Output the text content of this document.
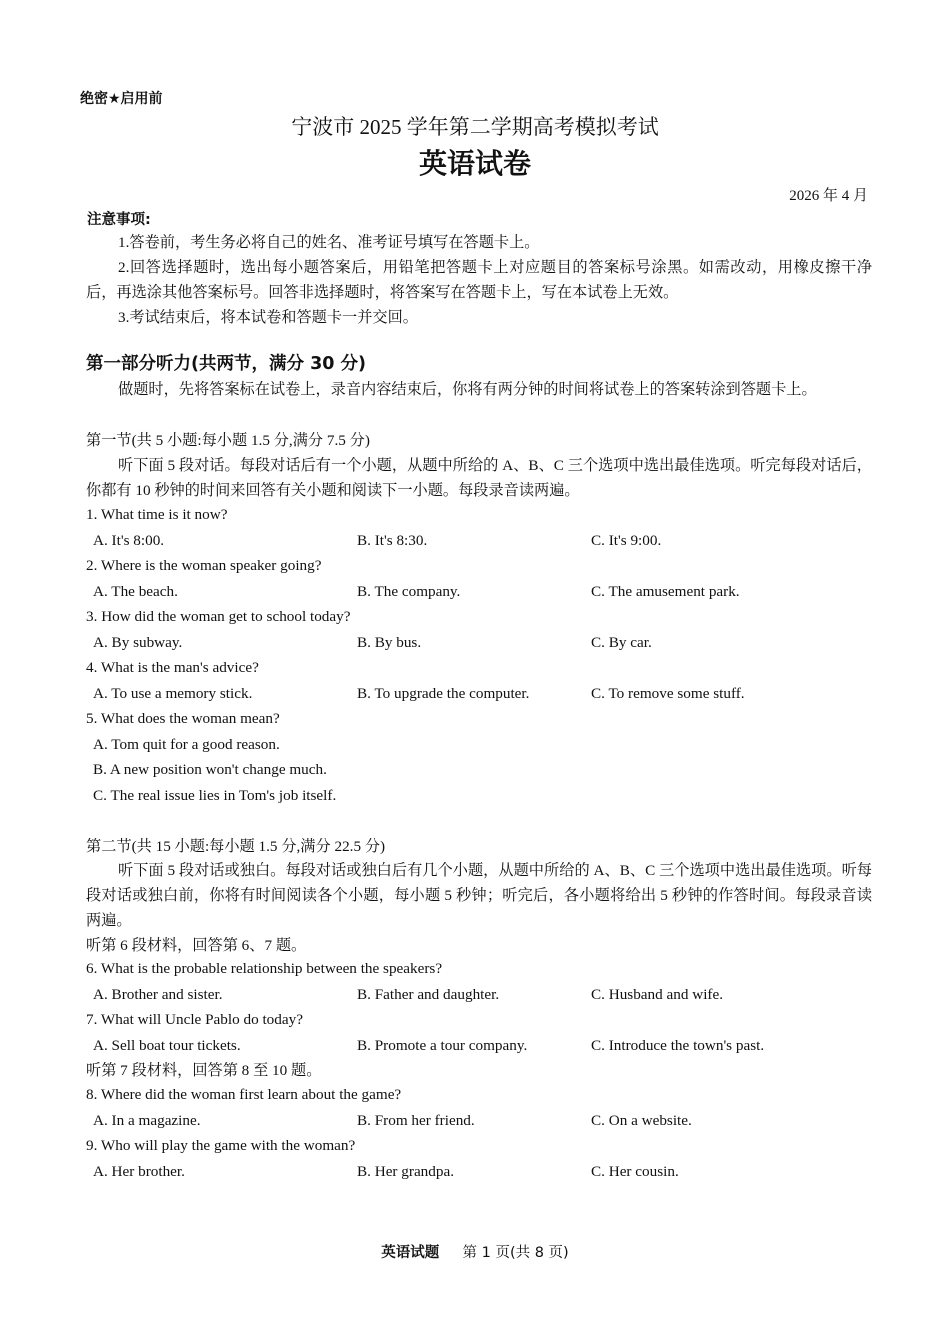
绝密★启用前
宁波市 2025 学年第二学期高考模拟考试
英语试卷
2026 年 4 月
注意事项:
1.答卷前，考生务必将自己的姓名、准考证号填写在答题卡上。
2.回答选择题时，选出每小题答案后，用铅笔把答题卡上对应题目的答案标号涂黑。如需改动，用橡皮擦干净后，再选涂其他答案标号。回答非选择题时，将答案写在答题卡上，写在本试卷上无效。
3.考试结束后，将本试卷和答题卡一并交回。
第一部分听力(共两节，满分 30 分)
做题时，先将答案标在试卷上，录音内容结束后，你将有两分钟的时间将试卷上的答案转涂到答题卡上。
第一节(共 5 小题:每小题 1.5 分,满分 7.5 分)
听下面 5 段对话。每段对话后有一个小题，从题中所给的 A、B、C 三个选项中选出最佳选项。听完每段对话后，你都有 10 秒钟的时间来回答有关小题和阅读下一小题。每段录音读两遍。
1. What time is it now?
A. It's 8:00.	B. It's 8:30.	C. It's 9:00.
2. Where is the woman speaker going?
A. The beach.	B. The company.	C. The amusement park.
3. How did the woman get to school today?
A. By subway.	B. By bus.	C. By car.
4. What is the man's advice?
A. To use a memory stick.	B. To upgrade the computer.	C. To remove some stuff.
5. What does the woman mean?
A. Tom quit for a good reason.
B. A new position won't change much.
C. The real issue lies in Tom's job itself.
第二节(共 15 小题:每小题 1.5 分,满分 22.5 分)
听下面 5 段对话或独白。每段对话或独白后有几个小题，从题中所给的 A、B、C 三个选项中选出最佳选项。听每段对话或独白前，你将有时间阅读各个小题，每小题 5 秒钟；听完后，各小题将给出 5 秒钟的作答时间。每段录音读两遍。
听第 6 段材料，回答第 6、7 题。
6. What is the probable relationship between the speakers?
A. Brother and sister.	B. Father and daughter.	C. Husband and wife.
7. What will Uncle Pablo do today?
A. Sell boat tour tickets.	B. Promote a tour company.	C. Introduce the town's past.
听第 7 段材料，回答第 8 至 10 题。
8. Where did the woman first learn about the game?
A. In a magazine.	B. From her friend.	C. On a website.
9. Who will play the game with the woman?
A. Her brother.	B. Her grandpa.	C. Her cousin.
英语试题 第 1 页(共 8 页)
